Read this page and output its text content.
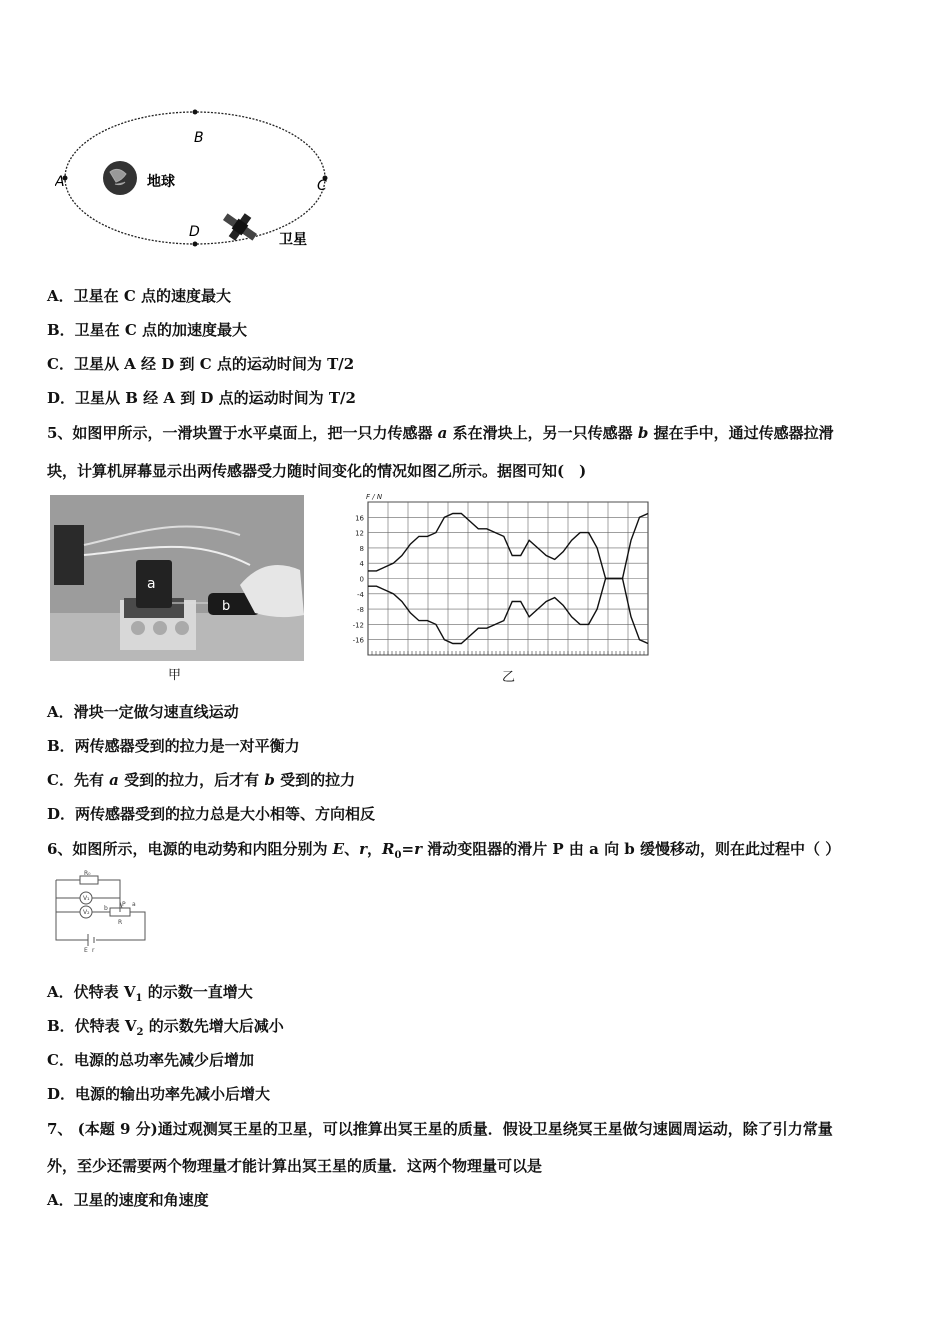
A
B
C
D
地球
卫星
A．卫星在 C 点的速度最大
B．卫星在 C 点的加速度最大
C．卫星从 A 经 D 到 C 点的运动时间为 T/2
D．卫星从 B 经 A 到 D 点的运动时间为 T/2
5、如图甲所示，一滑块置于水平桌面上，把一只力传感器 a 系在滑块上，另一只传感器 b 握在手中，通过传感器拉滑
块，计算机屏幕显示出两传感器受力随时间变化的情况如图乙所示。据图可知(　)
a
b
甲
16
12
8
4
0
-4
-8
-12
-16
F / N
乙
A．滑块一定做匀速直线运动
B．两传感器受到的拉力是一对平衡力
C．先有 a 受到的拉力，后才有 b 受到的拉力
D．两传感器受到的拉力总是大小相等、方向相反
6、如图所示，电源的电动势和内阻分别为 E、r，$R_0=r$ 滑动变阻器的滑片 P 由 a 向 b 缓慢移动，则在此过程中（ ）
R₀
V₁
V₂
P a
b
R
E r
A．伏特表 $V_1$ 的示数一直增大
B．伏特表 $V_2$ 的示数先增大后减小
C．电源的总功率先减少后增加
D．电源的输出功率先减小后增大
7、 (本题 9 分)通过观测冥王星的卫星，可以推算出冥王星的质量．假设卫星绕冥王星做匀速圆周运动，除了引力常量
外，至少还需要两个物理量才能计算出冥王星的质量．这两个物理量可以是
A．卫星的速度和角速度
